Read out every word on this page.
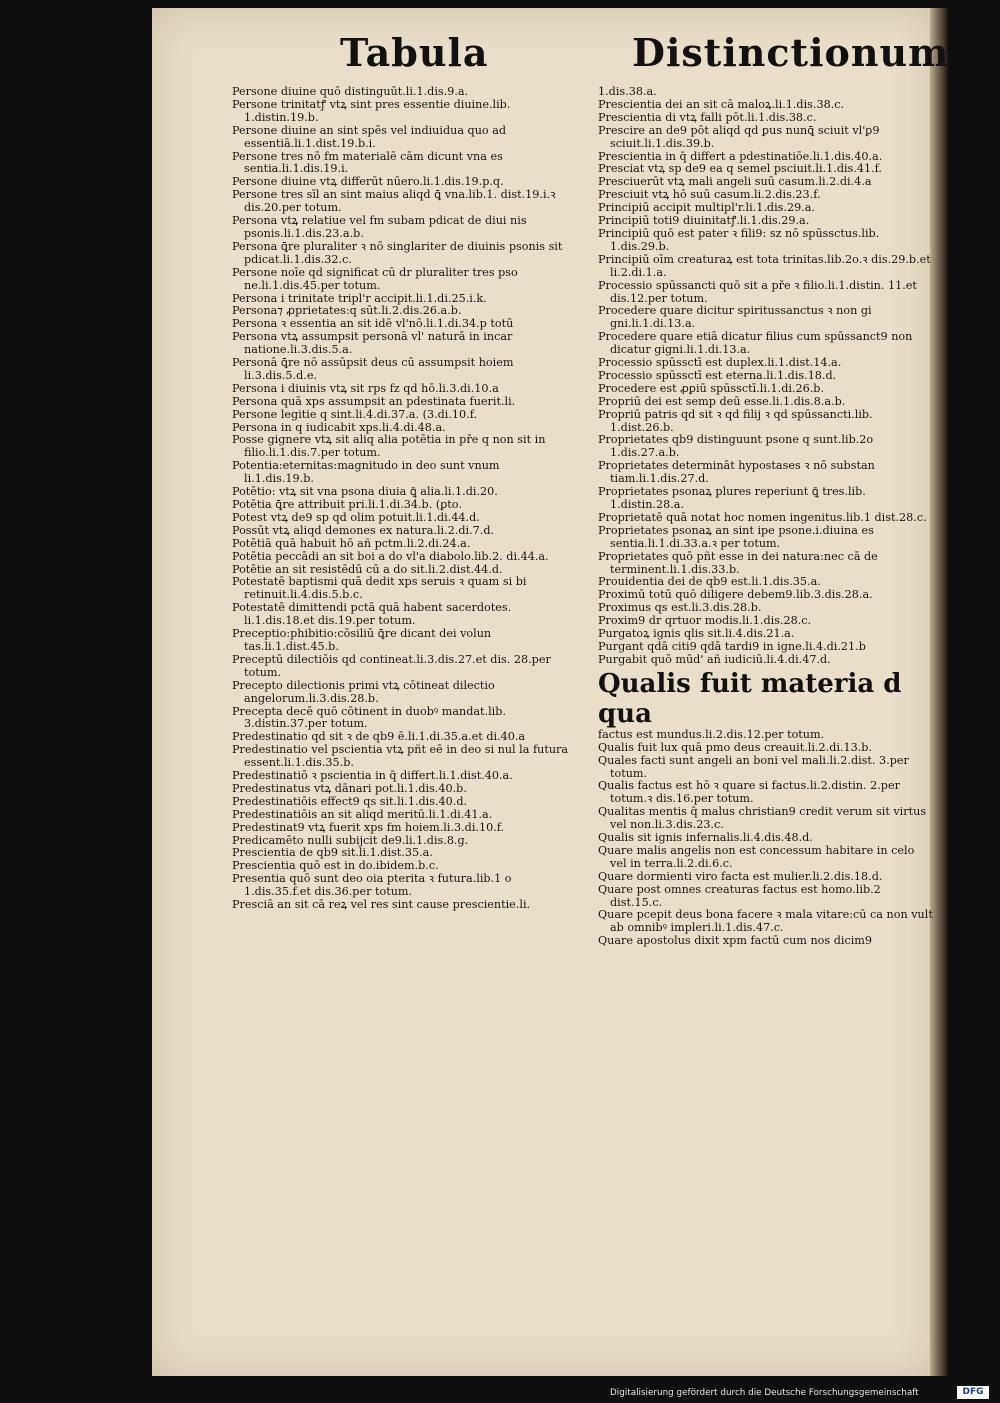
Tabula	Distinctionum
Persone diuine quō distinguūt.li.1.dis.9.a.
Persone trinitatꝭ vtꝝ sint pres essentie diuine.lib. 1.distin.19.b.
Persone diuine an sint spēs vel indiuidua quo ad essentiā.li.1.dist.19.b.i.
Persone tres nō fm materialē cām dicunt vna es sentia.li.1.dis.19.i.
Persone diuine vtꝝ differūt nūero.li.1.dis.19.p.q.
Persone tres sīl an sint maius aliqd ꝗ̄ vna.lib.1. dist.19.i.ꝛ dis.20.per totum.
Persona vtꝝ relatiue vel fm subam pdicat de diui nis psonis.li.1.dis.23.a.b.
Persona ꝗ̄re pluraliter ꝛ nō singlariter de diuinis psonis sit pdicat.li.1.dis.32.c.
Persone noīe qd significat cū dr pluraliter tres pso ne.li.1.dis.45.per totum.
Persona i trinitate tripl'r accipit.li.1.di.25.i.k.
Persona⁊ ꝓprietates:q sūt.li.2.dis.26.a.b.
Persona ꝛ essentia an sit idē vl'nō.li.1.di.34.p totū
Persona vtꝝ assumpsit personā vl' naturā in incar natione.li.3.dis.5.a.
Personā ꝗ̄re nō assūpsit deus cū assumpsit hoiem li.3.dis.5.d.e.
Persona i diuinis vtꝝ sit rps fz qd hō.li.3.di.10.a
Persona quā xps assumpsit an pdestinata fuerit.li.
Persone legitie q sint.li.4.di.37.a. (3.di.10.f.
Persona in q iudicabit xps.li.4.di.48.a.
Posse gignere vtꝝ sit aliq alia potētia in pře q non sit in filio.li.1.dis.7.per totum.
Potentia:eternitas:magnitudo in deo sunt vnum li.1.dis.19.b.
Potētio: vtꝝ sit vna psona diuia ꝗ̄ alia.li.1.di.20.
Potētia ꝗ̄re attribuit pri.li.1.di.34.b. (ꝑto.
Potest vtꝝ de9 sp qd olim potuit.li.1.di.44.d.
Possūt vtꝝ aliqd demones ex natura.li.2.di.7.d.
Potētiā quā habuit hō añ pctm.li.2.di.24.a.
Potētia peccādi an sit boi a do vl'a diabolo.lib.2. di.44.a.
Potētie an sit resistēdū cū a do sit.li.2.dist.44.d.
Potestatē baptismi quā dedit xps seruis ꝛ quam si bi retinuit.li.4.dis.5.b.c.
Potestatē dimittendi pctā quā habent sacerdotes. li.1.dis.18.et dis.19.per totum.
Preceptio:phibitio:cōsiliū ꝗ̄re dicant dei volun tas.li.1.dist.45.b.
Preceptū dilectiōis qd contineat.li.3.dis.27.et dis. 28.per totum.
Precepto dilectionis primi vtꝝ cōtineat dilectio angelorum.li.3.dis.28.b.
Precepta decē quō cōtinent in duobꝰ mandat.lib. 3.distin.37.per totum.
Predestinatio qd sit ꝛ de qb9 ē.li.1.di.35.a.et di.40.a
Predestinatio vel pscientia vtꝝ pñt eē in deo si nul la futura essent.li.1.dis.35.b.
Predestinatiō ꝛ pscientia in q̄ differt.li.1.dist.40.a.
Predestinatus vtꝝ dānari pot.li.1.dis.40.b.
Predestinatiōis effect9 qs sit.li.1.dis.40.d.
Predestinatiōis an sit aliqd meritū.li.1.di.41.a.
Predestinat9 vtꝝ fuerit xps fm hoiem.li.3.di.10.f.
Predicamēto nulli subijcit de9.li.1.dis.8.g.
Prescientia de qb9 sit.li.1.dist.35.a.
Prescientia quō est in do.ibidem.b.c.
Presentia quō sunt deo oia pterita ꝛ futura.lib.1 o 1.dis.35.f.et dis.36.per totum.
Presciā an sit cā reꝝ vel res sint cause prescientie.li.
1.dis.38.a.
Prescientia dei an sit cā maloꝝ.li.1.dis.38.c.
Prescientia di vtꝝ falli pōt.li.1.dis.38.c.
Prescire an de9 pōt aliqd qd ꝑus nunꝗ̄ sciuit vl'ꝑ9 sciuit.li.1.dis.39.b.
Prescientia in q̄ differt a pdestinatiōe.li.1.dis.40.a.
Presciat vtꝝ sp de9 ea q semel psciuit.li.1.dis.41.f.
Presciuerūt vtꝝ mali angeli suū casum.li.2.di.4.a
Presciuit vtꝝ hō suū casum.li.2.dis.23.f.
Principiū accipit multipl'r.li.1.dis.29.a.
Principiū toti9 diuinitatꝭ.li.1.dis.29.a.
Principiū quō est pater ꝛ fili9: sz nō spūssctus.lib. 1.dis.29.b.
Principiū oīm creaturaꝝ est tota trinitas.lib.2o.ꝛ dis.29.b.et li.2.di.1.a.
Processio spūssancti quō sit a pře ꝛ filio.li.1.distin. 11.et dis.12.per totum.
Procedere quare dicitur spiritussanctus ꝛ non gi gni.li.1.di.13.a.
Procedere quare etiā dicatur filius cum spūssanct9 non dicatur gigni.li.1.di.13.a.
Processio spūssctī est duplex.li.1.dist.14.a.
Processio spūssctī est eterna.li.1.dis.18.d.
Procedere est ꝓꝑiū spūssctī.li.1.di.26.b.
Propriū dei est semp deū esse.li.1.dis.8.a.b.
Propriū patris qd sit ꝛ qd filij ꝛ qd spūssancti.lib. 1.dist.26.b.
Proprietates qb9 distinguunt psone q sunt.lib.2o 1.dis.27.a.b.
Proprietates determināt hypostases ꝛ nō substan tiam.li.1.dis.27.d.
Proprietates psonaꝝ plures reperiunt ꝗ̄ tres.lib. 1.distin.28.a.
Proprietatē quā notat hoc nomen ingenitus.lib.1 dist.28.c.
Proprietates psonaꝝ an sint ipe psone.i.diuina es sentia.li.1.di.33.a.ꝛ per totum.
Proprietates quō pñt esse in dei natura:nec cā de terminent.li.1.dis.33.b.
Prouidentia dei de qb9 est.li.1.dis.35.a.
Proximū totū quō diligere debem9.lib.3.dis.28.a.
Proximus qs est.li.3.dis.28.b.
Proxim9 dr qrtuor modis.li.1.dis.28.c.
Purgatoꝝ ignis qlis sit.li.4.dis.21.a.
Purgant qdā citi9 qdā tardi9 in igne.li.4.di.21.b
Purgabit quō mūd' añ iudiciū.li.4.di.47.d.
Qualis fuit materia d qua
factus est mundus.li.2.dis.12.per totum.
Qualis fuit lux quā pmo deus creauit.li.2.di.13.b.
Quales facti sunt angeli an boni vel mali.li.2.dist. 3.per totum.
Qualis factus est hō ꝛ quare si factus.li.2.distin. 2.per totum.ꝛ dis.16.per totum.
Qualitas mentis q̄ malus christian9 credit verum sit virtus vel non.li.3.dis.23.c.
Qualis sit ignis infernalis.li.4.dis.48.d.
Quare malis angelis non est concessum habitare in celo vel in terra.li.2.di.6.c.
Quare dormienti viro facta est mulier.li.2.dis.18.d.
Quare post omnes creaturas factus est homo.lib.2 dist.15.c.
Quare pcepit deus bona facere ꝛ mala vitare:cū ca non vult ab omnibꝰ impleri.li.1.dis.47.c.
Quare apostolus dixit xpm factū cum nos dicim9
Digitalisierung gefördert durch die Deutsche Forschungsgemeinschaft	DFG
